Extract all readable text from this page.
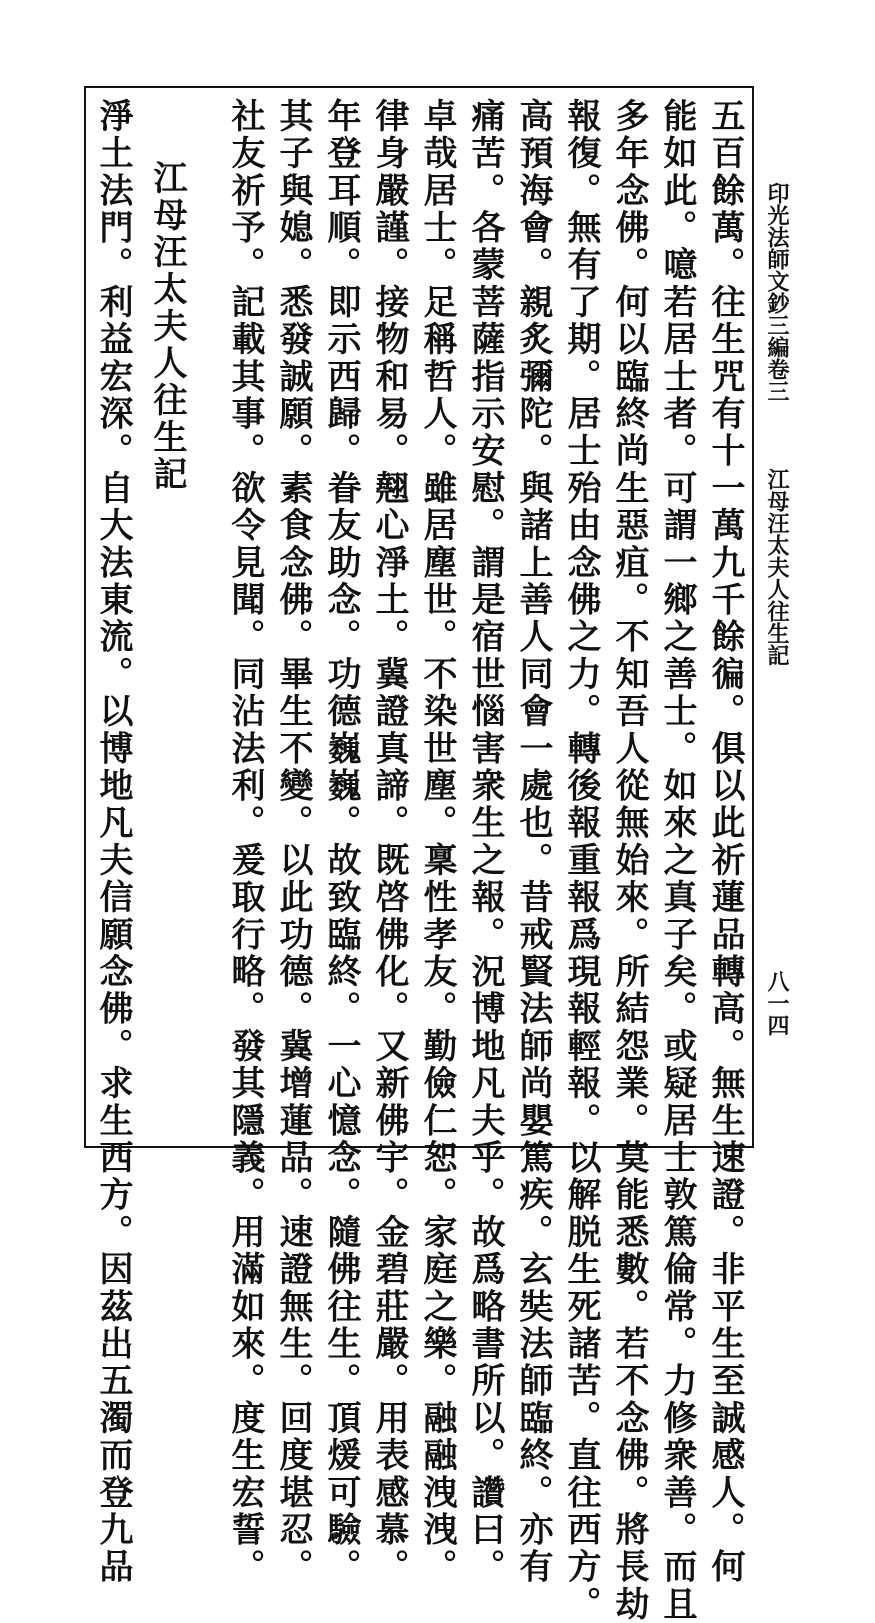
印光法師文鈔三編卷三
江母汪太夫人往生記
八一四
五百餘萬。往生咒有十一萬九千餘徧。俱以此祈蓮品轉高。無生速證。非平生至誠感人。何
能如此。噫若居士者。可謂一鄉之善士。如來之真子矣。或疑居士敦篤倫常。力修衆善。而且
多年念佛。何以臨終尚生惡疽。不知吾人從無始來。所結怨業。莫能悉數。若不念佛。將長劫
報復。無有了期。居士殆由念佛之力。轉後報重報爲現報輕報。以解脱生死諸苦。直往西方。
高預海會。親炙彌陀。與諸上善人同會一處也。昔戒賢法師尚嬰篤疾。玄奘法師臨終。亦有
痛苦。各蒙菩薩指示安慰。謂是宿世惱害衆生之報。況博地凡夫乎。故爲略書所以。讚曰。
卓哉居士。足稱哲人。雖居塵世。不染世塵。稟性孝友。勤儉仁恕。家庭之樂。融融洩洩。
律身嚴謹。接物和易。翹心淨土。冀證真諦。既啓佛化。又新佛宇。金碧莊嚴。用表感慕。
年登耳順。即示西歸。眷友助念。功德巍巍。故致臨終。一心憶念。隨佛往生。頂煖可驗。
其子與媳。悉發誠願。素食念佛。畢生不變。以此功德。冀增蓮品。速證無生。回度堪忍。
社友祈予。記載其事。欲令見聞。同沾法利。爰取行略。發其隱義。用滿如來。度生宏誓。
江母汪太夫人往生記
淨土法門。利益宏深。自大法東流。以博地凡夫信願念佛。求生西方。因茲出五濁而登九品
